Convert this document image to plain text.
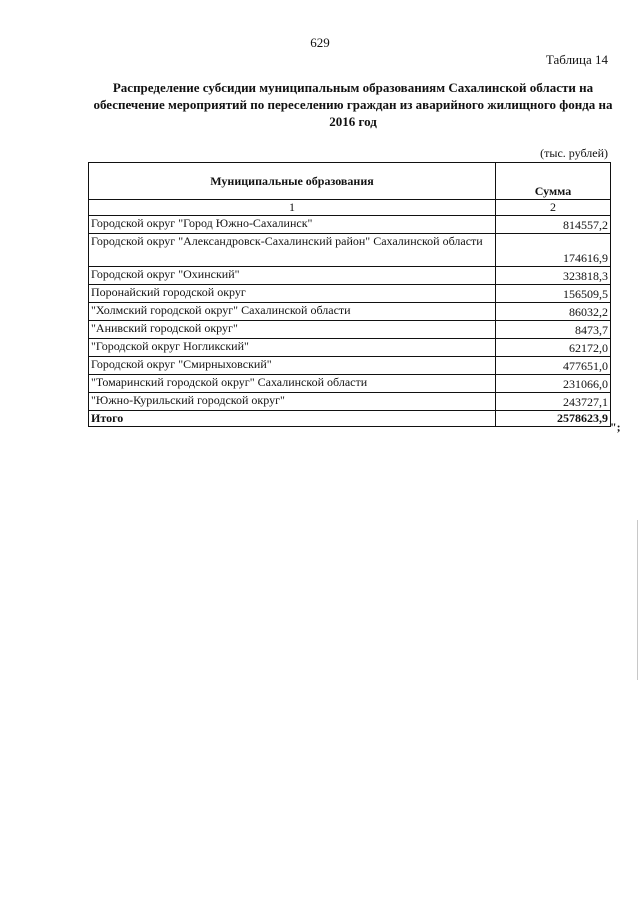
629
Таблица 14
Распределение субсидии муниципальным образованиям Сахалинской области на обеспечение мероприятий по переселению граждан из аварийного жилищного фонда на 2016 год
(тыс. рублей)
Муниципальные образования	Сумма
1	2
Городской округ "Город Южно-Сахалинск"	814557,2
Городской округ "Александровск-Сахалинский район" Сахалинской области	174616,9
Городской округ "Охинский"	323818,3
Поронайский городской округ	156509,5
"Холмский городской округ" Сахалинской области	86032,2
"Анивский городской округ"	8473,7
"Городской округ Ногликский"	62172,0
Городской округ "Смирныховский"	477651,0
"Томаринский городской округ" Сахалинской области	231066,0
"Южно-Курильский городской округ"	243727,1
Итого	2578623,9
";
